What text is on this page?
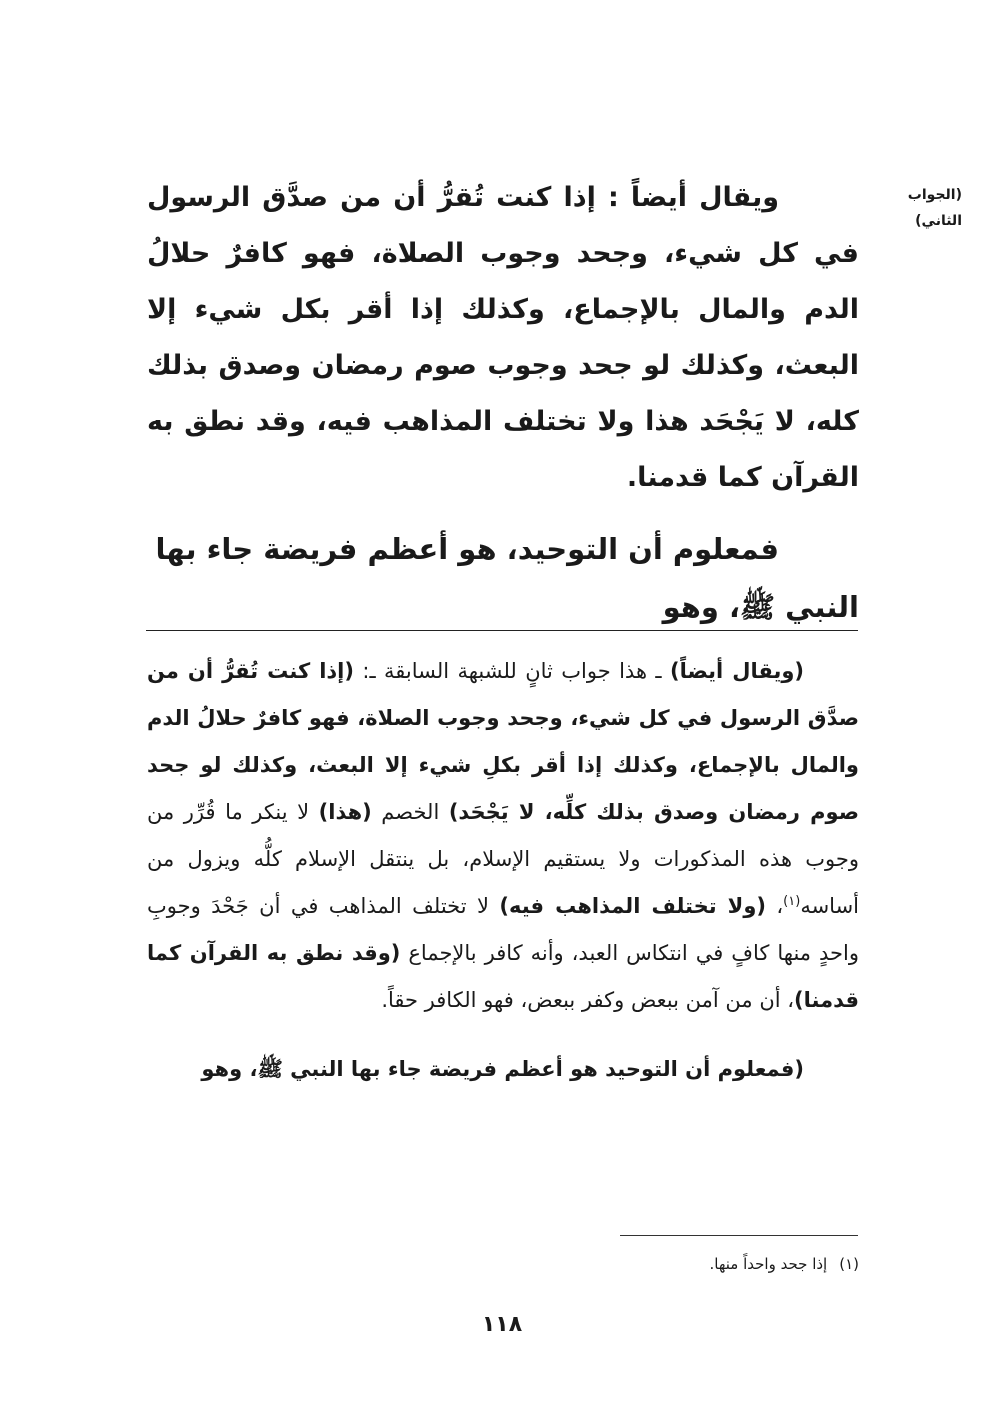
(الجواب الثاني)

ويقال أيضاً : إذا كنت تُقرُّ أن من صدَّق الرسول في كل شيء، وجحد وجوب الصلاة، فهو كافرٌ حلالُ الدم والمال بالإجماع، وكذلك إذا أقر بكل شيء إلا البعث، وكذلك لو جحد وجوب صوم رمضان وصدق بذلك كله، لا يَجْحَد هذا ولا تختلف المذاهب فيه، وقد نطق به القرآن كما قدمنا.

فمعلوم أن التوحيد، هو أعظم فريضة جاء بها
النبي ﷺ، وهو

(ويقال أيضاً) ـ هذا جواب ثانٍ للشبهة السابقة ـ: (إذا كنت تُقرُّ أن من صدَّق الرسول في كل شيء، وجحد وجوب الصلاة، فهو كافرٌ حلالُ الدم والمال بالإجماع، وكذلك إذا أقر بكلِ شيء إلا البعث، وكذلك لو جحد صوم رمضان وصدق بذلك كلِّه، لا يَجْحَد) الخصم (هذا) لا ينكر ما قُرِّر من وجوب هذه المذكورات ولا يستقيم الإسلام، بل ينتقل الإسلام كلُّه ويزول من أساسه$^{(١)}$، (ولا تختلف المذاهب فيه) لا تختلف المذاهب في أن جَحْدَ وجوبِ واحدٍ منها كافٍ في انتكاس العبد، وأنه كافر بالإجماع (وقد نطق به القرآن كما قدمنا)، أن من آمن ببعض وكفر ببعض، فهو الكافر حقاً.

(فمعلوم أن التوحيد هو أعظم فريضة جاء بها النبي ﷺ، وهو

(١)إذا جحد واحداً منها.
١١٨
